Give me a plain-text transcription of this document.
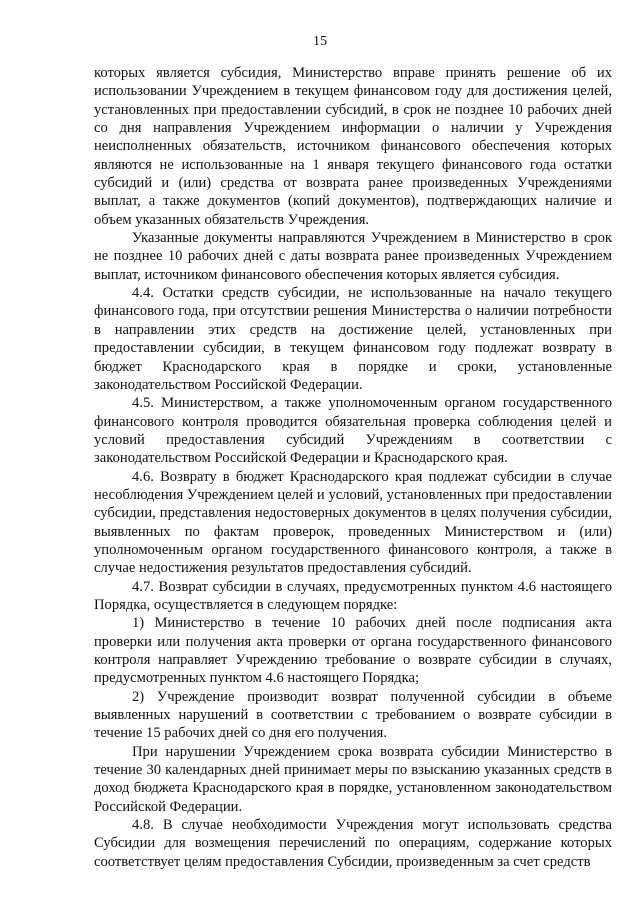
15

которых является субсидия, Министерство вправе принять решение об их использовании Учреждением в текущем финансовом году для достижения целей, установленных при предоставлении субсидий, в срок не позднее 10 рабочих дней со дня направления Учреждением информации о наличии у Учреждения неисполненных обязательств, источником финансового обеспечения которых являются не использованные на 1 января текущего финансового года остатки субсидий и (или) средства от возврата ранее произведенных Учреждениями выплат, а также документов (копий документов), подтверждающих наличие и объем указанных обязательств Учреждения.

Указанные документы направляются Учреждением в Министерство в срок не позднее 10 рабочих дней с даты возврата ранее произведенных Учреждением выплат, источником финансового обеспечения которых является субсидия.

4.4. Остатки средств субсидии, не использованные на начало текущего финансового года, при отсутствии решения Министерства о наличии потребности в направлении этих средств на достижение целей, установленных при предоставлении субсидии, в текущем финансовом году подлежат возврату в бюджет Краснодарского края в порядке и сроки, установленные законодательством Российской Федерации.

4.5. Министерством, а также уполномоченным органом государственного финансового контроля проводится обязательная проверка соблюдения целей и условий предоставления субсидий Учреждениям в соответствии с законодательством Российской Федерации и Краснодарского края.

4.6. Возврату в бюджет Краснодарского края подлежат субсидии в случае несоблюдения Учреждением целей и условий, установленных при предоставлении субсидии, представления недостоверных документов в целях получения субсидии, выявленных по фактам проверок, проведенных Министерством и (или) уполномоченным органом государственного финансового контроля, а также в случае недостижения результатов предоставления субсидий.

4.7. Возврат субсидии в случаях, предусмотренных пунктом 4.6 настоящего Порядка, осуществляется в следующем порядке:

1) Министерство в течение 10 рабочих дней после подписания акта проверки или получения акта проверки от органа государственного финансового контроля направляет Учреждению требование о возврате субсидии в случаях, предусмотренных пунктом 4.6 настоящего Порядка;

2) Учреждение производит возврат полученной субсидии в объеме выявленных нарушений в соответствии с требованием о возврате субсидии в течение 15 рабочих дней со дня его получения.

При нарушении Учреждением срока возврата субсидии Министерство в течение 30 календарных дней принимает меры по взысканию указанных средств в доход бюджета Краснодарского края в порядке, установленном законодательством Российской Федерации.

4.8. В случае необходимости Учреждения могут использовать средства Субсидии для возмещения перечислений по операциям, содержание которых соответствует целям предоставления Субсидии, произведенным за счет средств
